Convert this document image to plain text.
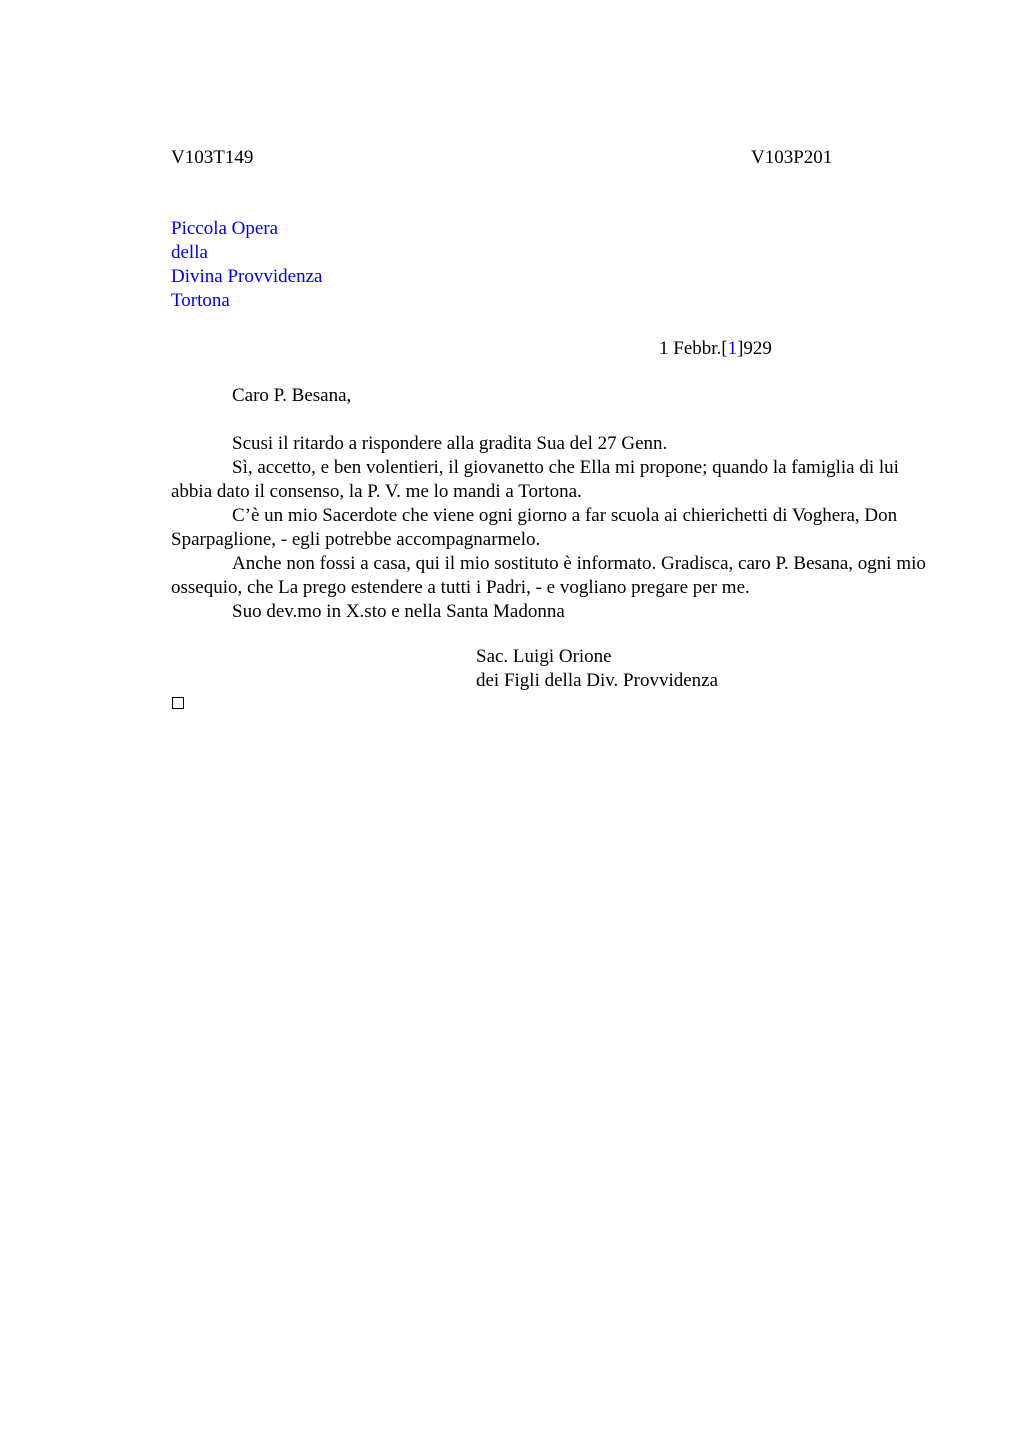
V103T149	V103P201
Piccola Opera
della
Divina Provvidenza
Tortona
1 Febbr.[1]929
Caro P. Besana,

Scusi il ritardo a rispondere alla gradita Sua del 27 Genn.

Sì, accetto, e ben volentieri, il giovanetto che Ella mi propone; quando la famiglia di lui abbia dato il consenso, la P. V. me lo mandi a Tortona.

C’è un mio Sacerdote che viene ogni giorno a far scuola ai chierichetti di Voghera, Don Sparpaglione, - egli potrebbe accompagnarmelo.

Anche non fossi a casa, qui il mio sostituto è informato. Gradisca, caro P. Besana, ogni mio ossequio, che La prego estendere a tutti i Padri, - e vogliano pregare per me.

Suo dev.mo in X.sto e nella Santa Madonna

Sac. Luigi Orione
dei Figli della Div. Provvidenza
